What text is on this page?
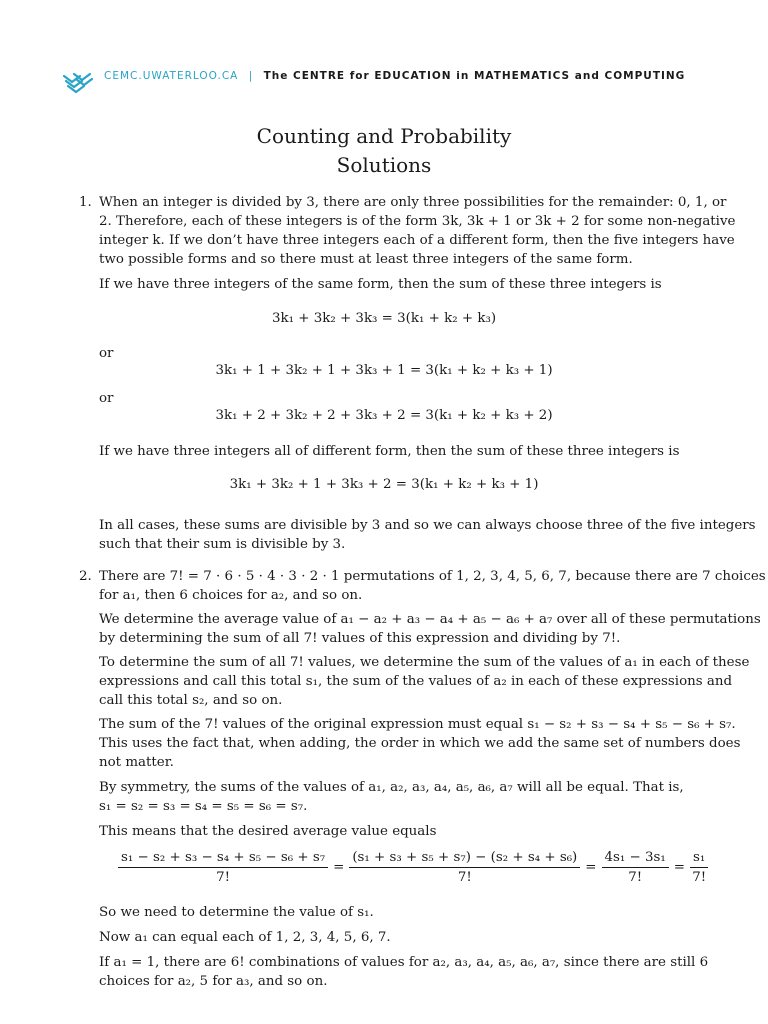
CEMC.UWATERLOO.CA | The CENTRE for EDUCATION in MATHEMATICS and COMPUTING
Counting and Probability
Solutions
1. When an integer is divided by 3, there are only three possibilities for the remainder: 0, 1, or
2. Therefore, each of these integers is of the form 3k, 3k + 1 or 3k + 2 for some non-negative
integer k. If we don’t have three integers each of a different form, then the five integers have
two possible forms and so there must at least three integers of the same form.
If we have three integers of the same form, then the sum of these three integers is
3k₁ + 3k₂ + 3k₃ = 3(k₁ + k₂ + k₃)
or
3k₁ + 1 + 3k₂ + 1 + 3k₃ + 1 = 3(k₁ + k₂ + k₃ + 1)
or
3k₁ + 2 + 3k₂ + 2 + 3k₃ + 2 = 3(k₁ + k₂ + k₃ + 2)
If we have three integers all of different form, then the sum of these three integers is
3k₁ + 3k₂ + 1 + 3k₃ + 2 = 3(k₁ + k₂ + k₃ + 1)
In all cases, these sums are divisible by 3 and so we can always choose three of the five integers
such that their sum is divisible by 3.
2. There are 7! = 7 · 6 · 5 · 4 · 3 · 2 · 1 permutations of 1, 2, 3, 4, 5, 6, 7, because there are 7 choices
for a₁, then 6 choices for a₂, and so on.
We determine the average value of a₁ − a₂ + a₃ − a₄ + a₅ − a₆ + a₇ over all of these permutations
by determining the sum of all 7! values of this expression and dividing by 7!.
To determine the sum of all 7! values, we determine the sum of the values of a₁ in each of these
expressions and call this total s₁, the sum of the values of a₂ in each of these expressions and
call this total s₂, and so on.
The sum of the 7! values of the original expression must equal s₁ − s₂ + s₃ − s₄ + s₅ − s₆ + s₇.
This uses the fact that, when adding, the order in which we add the same set of numbers does
not matter.
By symmetry, the sums of the values of a₁, a₂, a₃, a₄, a₅, a₆, a₇ will all be equal. That is,
s₁ = s₂ = s₃ = s₄ = s₅ = s₆ = s₇.
This means that the desired average value equals
$\frac{\text{s₁ − s₂ + s₃ − s₄ + s₅ − s₆ + s₇}}{7!} = \frac{\text{(s₁ + s₃ + s₅ + s₇) − (s₂ + s₄ + s₆)}}{7!} = \frac{\text{4s₁ − 3s₁}}{7!} = \frac{\text{s₁}}{7!}$
So we need to determine the value of s₁.
Now a₁ can equal each of 1, 2, 3, 4, 5, 6, 7.
If a₁ = 1, there are 6! combinations of values for a₂, a₃, a₄, a₅, a₆, a₇, since there are still 6
choices for a₂, 5 for a₃, and so on.
